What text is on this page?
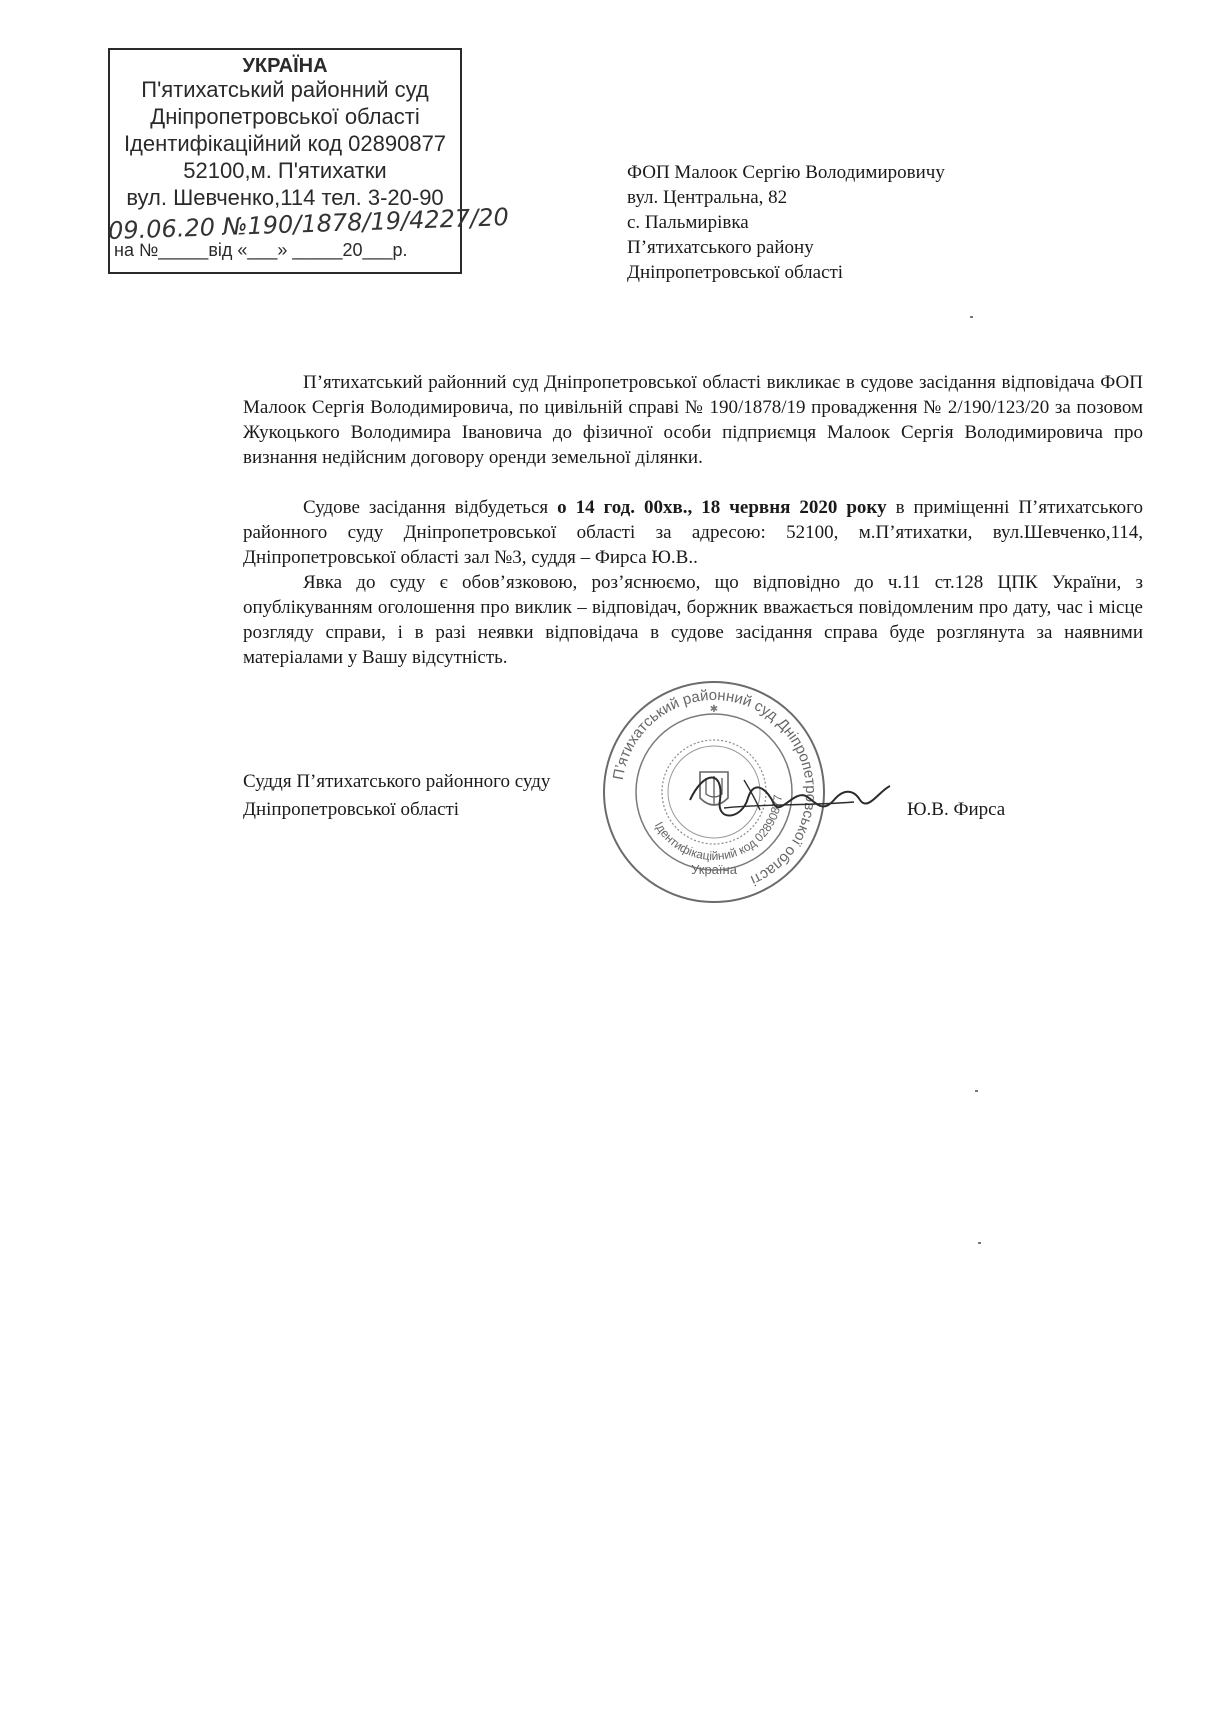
УКРАЇНА
П'ятихатський районний суд
Дніпропетровської області
Ідентифікаційний код 02890877
52100,м. П'ятихатки
вул. Шевченко,114 тел. 3-20-90
09.06.20 №190/1878/19/4227/20
на №_____від «___» _____20___р.
ФОП Малоок Сергію Володимировичу
вул. Центральна, 82
с. Пальмирівка
П’ятихатського району
Дніпропетровської області
П’ятихатський районний суд Дніпропетровської області викликає в судове засідання відповідача ФОП Малоок Сергія Володимировича, по цивільній справі № 190/1878/19 провадження № 2/190/123/20 за позовом Жукоцького Володимира Івановича до фізичної особи підприємця Малоок Сергія Володимировича про визнання недійсним договору оренди земельної ділянки.
Судове засідання відбудеться о 14 год. 00хв., 18 червня 2020 року в приміщенні П’ятихатського районного суду Дніпропетровської області за адресою: 52100, м.П’ятихатки, вул.Шевченко,114, Дніпропетровської області зал №3, суддя – Фирса Ю.В..
Явка до суду є обов’язковою, роз’яснюємо, що відповідно до ч.11 ст.128 ЦПК України, з опублікуванням оголошення про виклик – відповідач, боржник вважається повідомленим про дату, час і місце розгляду справи, і в разі неявки відповідача в судове засідання справа буде розглянута за наявними матеріалами у Вашу відсутність.
П’ятихатський районний суд Дніпропетровської області
Ідентифікаційний код 02890877
Україна
✱
Суддя П’ятихатського районного суду
Дніпропетровської області	Ю.В. Фирса
